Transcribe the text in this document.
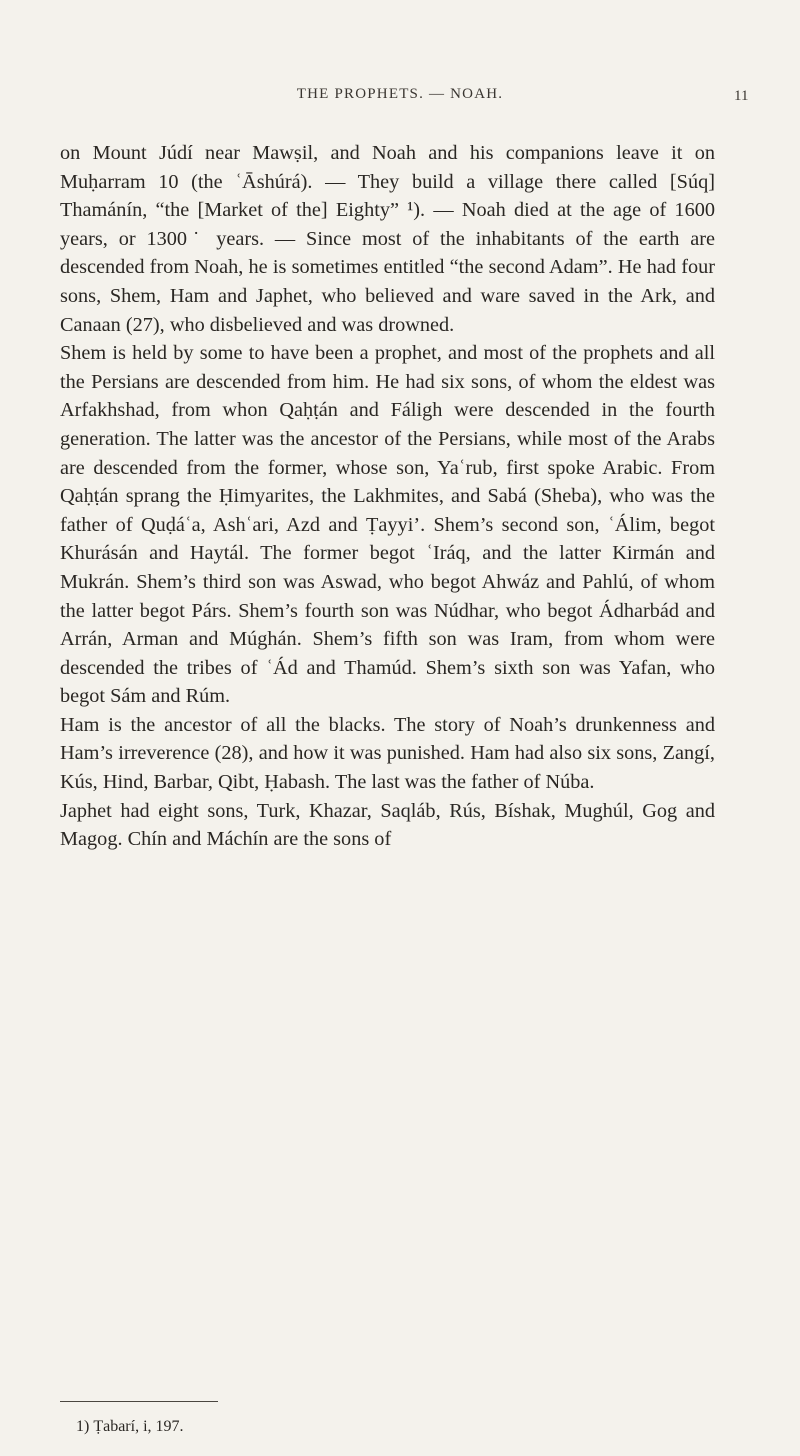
THE PROPHETS. — NOAH.	11

on Mount Júdí near Mawṣil, and Noah and his companions leave it on Muḥarram 10 (the ʿĀshúrá). — They build a village there called [Súq] Thamánín, “the [Market of the] Eighty” ¹). — Noah died at the age of 1600 years, or 1300˙ years. — Since most of the inhabitants of the earth are descended from Noah, he is sometimes entitled “the second Adam”. He had four sons, Shem, Ham and Japhet, who believed and ware saved in the Ark, and Canaan (27), who disbelieved and was drowned.

Shem is held by some to have been a prophet, and most of the prophets and all the Persians are descended from him. He had six sons, of whom the eldest was Arfakhshad, from whon Qaḥṭán and Fáligh were descended in the fourth generation. The latter was the ancestor of the Persians, while most of the Arabs are descended from the former, whose son, Yaʿrub, first spoke Arabic. From Qaḥṭán sprang the Ḥimyarites, the Lakhmites, and Sabá (Sheba), who was the father of Quḍáʿa, Ashʿari, Azd and Ṭayyi’. Shem’s second son, ʿÁlim, begot Khurásán and Haytál. The former begot ʿIráq, and the latter Kirmán and Mukrán. Shem’s third son was Aswad, who begot Ahwáz and Pahlú, of whom the latter begot Párs. Shem’s fourth son was Núdhar, who begot Ádharbád and Arrán, Arman and Múghán. Shem’s fifth son was Iram, from whom were descended the tribes of ʿÁd and Thamúd. Shem’s sixth son was Yafan, who begot Sám and Rúm.

Ham is the ancestor of all the blacks. The story of Noah’s drunkenness and Ham’s irreverence (28), and how it was punished. Ham had also six sons, Zangí, Kús, Hind, Barbar, Qibt, Ḥabash. The last was the father of Núba.

Japhet had eight sons, Turk, Khazar, Saqláb, Rús, Bíshak, Mughúl, Gog and Magog. Chín and Máchín are the sons of

1) Ṭabarí, i, 197.
